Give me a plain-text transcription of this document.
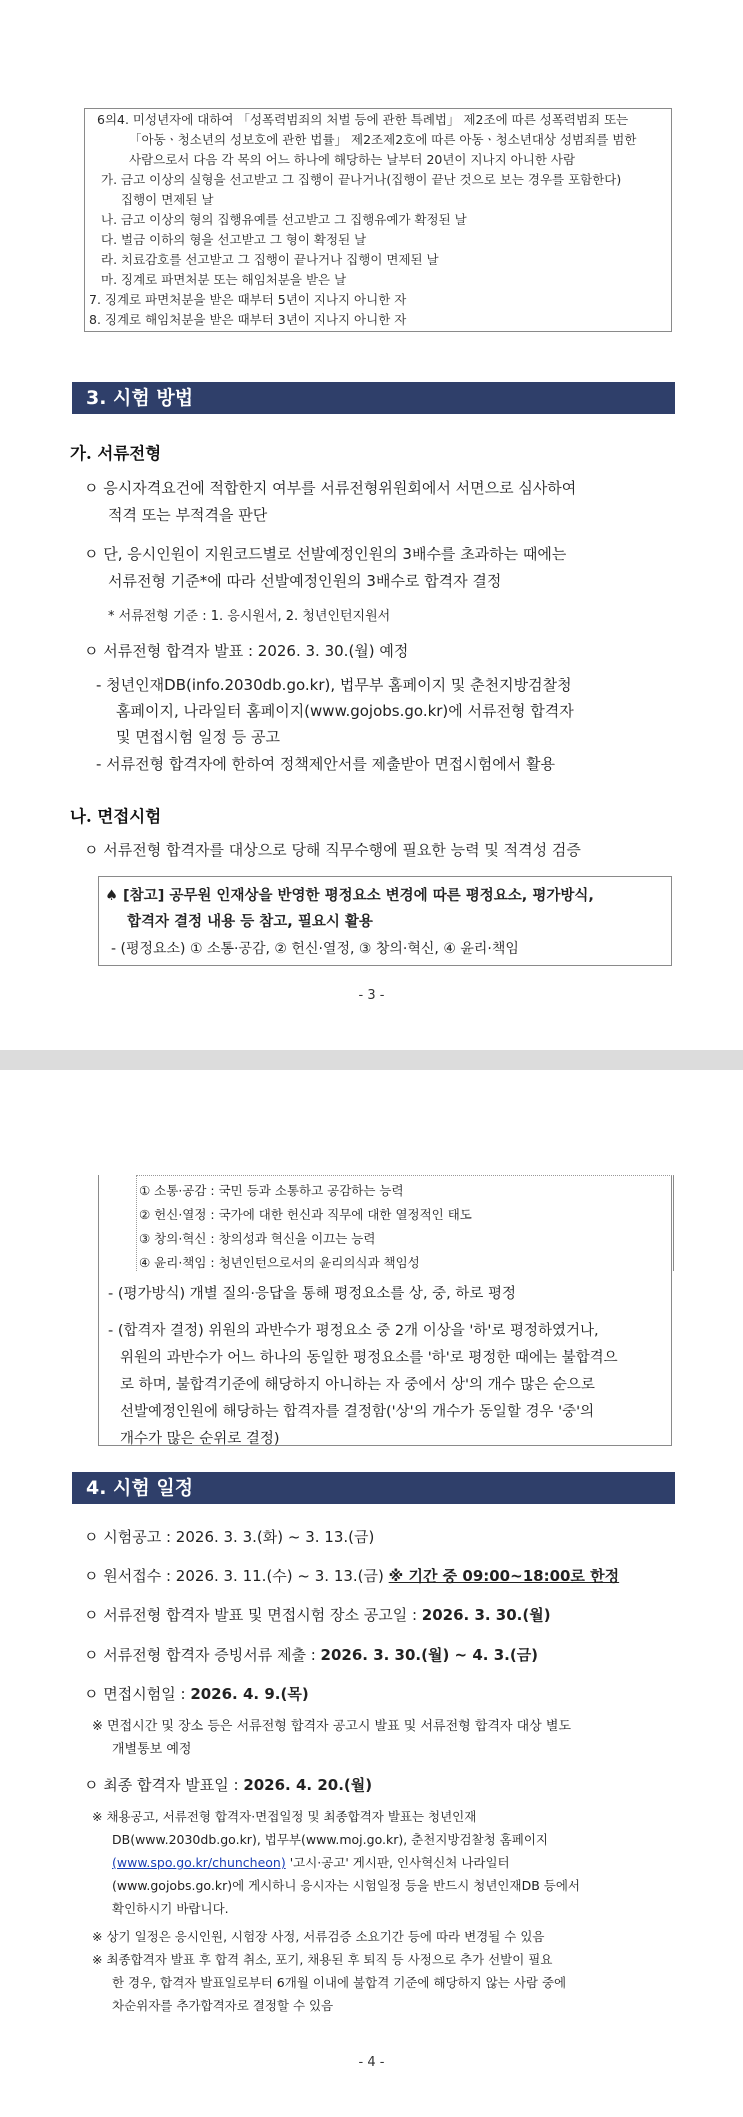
6의4. 미성년자에 대하여 「성폭력범죄의 처벌 등에 관한 특례법」 제2조에 따른 성폭력범죄 또는
「아동ㆍ청소년의 성보호에 관한 법률」 제2조제2호에 따른 아동ㆍ청소년대상 성범죄를 범한
사람으로서 다음 각 목의 어느 하나에 해당하는 날부터 20년이 지나지 아니한 사람
가. 금고 이상의 실형을 선고받고 그 집행이 끝나거나(집행이 끝난 것으로 보는 경우를 포함한다)
집행이 면제된 날
나. 금고 이상의 형의 집행유예를 선고받고 그 집행유예가 확정된 날
다. 벌금 이하의 형을 선고받고 그 형이 확정된 날
라. 치료감호를 선고받고 그 집행이 끝나거나 집행이 면제된 날
마. 징계로 파면처분 또는 해임처분을 받은 날
7. 징계로 파면처분을 받은 때부터 5년이 지나지 아니한 자
8. 징계로 해임처분을 받은 때부터 3년이 지나지 아니한 자
3. 시험 방법
가. 서류전형
ㅇ 응시자격요건에 적합한지 여부를 서류전형위원회에서 서면으로 심사하여
적격 또는 부적격을 판단
ㅇ 단, 응시인원이 지원코드별로 선발예정인원의 3배수를 초과하는 때에는
서류전형 기준*에 따라 선발예정인원의 3배수로 합격자 결정
* 서류전형 기준 : 1. 응시원서, 2. 청년인턴지원서
ㅇ 서류전형 합격자 발표 : 2026. 3. 30.(월) 예정
- 청년인재DB(info.2030db.go.kr), 법무부 홈페이지 및 춘천지방검찰청
홈페이지, 나라일터 홈페이지(www.gojobs.go.kr)에 서류전형 합격자
및 면접시험 일정 등 공고
- 서류전형 합격자에 한하여 정책제안서를 제출받아 면접시험에서 활용
나. 면접시험
ㅇ 서류전형 합격자를 대상으로 당해 직무수행에 필요한 능력 및 적격성 검증
♠ [참고] 공무원 인재상을 반영한 평정요소 변경에 따른 평정요소, 평가방식,
합격자 결정 내용 등 참고, 필요시 활용
- (평정요소) ① 소통·공감, ② 헌신·열정, ③ 창의·혁신, ④ 윤리·책임
- 3 -
① 소통·공감 : 국민 등과 소통하고 공감하는 능력
② 헌신·열정 : 국가에 대한 헌신과 직무에 대한 열정적인 태도
③ 창의·혁신 : 창의성과 혁신을 이끄는 능력
④ 윤리·책임 : 청년인턴으로서의 윤리의식과 책임성
- (평가방식) 개별 질의·응답을 통해 평정요소를 상, 중, 하로 평정
- (합격자 결정) 위원의 과반수가 평정요소 중 2개 이상을 '하'로 평정하였거나,
위원의 과반수가 어느 하나의 동일한 평정요소를 '하'로 평정한 때에는 불합격으
로 하며, 불합격기준에 해당하지 아니하는 자 중에서 상'의 개수 많은 순으로
선발예정인원에 해당하는 합격자를 결정함('상'의 개수가 동일할 경우 '중'의
개수가 많은 순위로 결정)
4. 시험 일정
ㅇ 시험공고 : 2026. 3. 3.(화) ~ 3. 13.(금)
ㅇ 원서접수 : 2026. 3. 11.(수) ~ 3. 13.(금) ※ 기간 중 09:00~18:00로 한정
ㅇ 서류전형 합격자 발표 및 면접시험 장소 공고일 : 2026. 3. 30.(월)
ㅇ 서류전형 합격자 증빙서류 제출 : 2026. 3. 30.(월) ~ 4. 3.(금)
ㅇ 면접시험일 : 2026. 4. 9.(목)
※ 면접시간 및 장소 등은 서류전형 합격자 공고시 발표 및 서류전형 합격자 대상 별도
개별통보 예정
ㅇ 최종 합격자 발표일 : 2026. 4. 20.(월)
※ 채용공고, 서류전형 합격자·면접일정 및 최종합격자 발표는 청년인재
DB(www.2030db.go.kr), 법무부(www.moj.go.kr), 춘천지방검찰청 홈페이지
(www.spo.go.kr/chuncheon) '고시·공고' 게시판, 인사혁신처 나라일터
(www.gojobs.go.kr)에 게시하니 응시자는 시험일정 등을 반드시 청년인재DB 등에서
확인하시기 바랍니다.
※ 상기 일정은 응시인원, 시험장 사정, 서류검증 소요기간 등에 따라 변경될 수 있음
※ 최종합격자 발표 후 합격 취소, 포기, 채용된 후 퇴직 등 사정으로 추가 선발이 필요
한 경우, 합격자 발표일로부터 6개월 이내에 불합격 기준에 해당하지 않는 사람 중에
차순위자를 추가합격자로 결정할 수 있음
- 4 -
